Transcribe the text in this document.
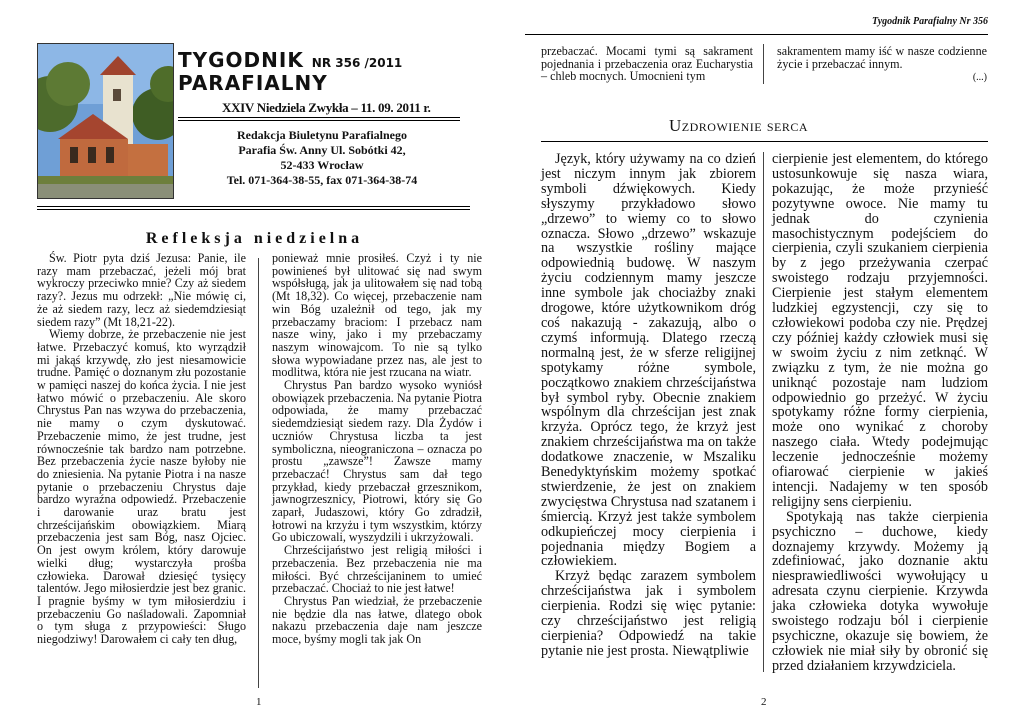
Tygodnik Parafialny Nr 356
TYGODNIK NR 356 /2011
PARAFIALNY
XXIV Niedziela Zwykła – 11. 09. 2011 r.
Redakcja Biuletynu Parafialnego
Parafia Św. Anny Ul. Sobótki 42,
52-433 Wrocław
Tel. 071-364-38-55, fax 071-364-38-74
Refleksja niedzielna

Św. Piotr pyta dziś Jezusa: Panie, ile razy mam przebaczać, jeżeli mój brat wykroczy przeciwko mnie? Czy aż siedem razy?. Jezus mu odrzekł: „Nie mówię ci, że aż siedem razy, lecz aż siedemdziesiąt siedem razy” (Mt 18,21-22).

Wiemy dobrze, że przebaczenie nie jest łatwe. Przebaczyć komuś, kto wyrządził mi jakąś krzywdę, zło jest niesamowicie trudne. Pamięć o doznanym złu pozostanie w pamięci naszej do końca życia. I nie jest łatwo mówić o przebaczeniu. Ale skoro Chrystus Pan nas wzywa do przebaczenia, nie mamy o czym dyskutować. Przebaczenie mimo, że jest trudne, jest równocześnie tak bardzo nam potrzebne. Bez przebaczenia życie nasze byłoby nie do zniesienia. Na pytanie Piotra i na nasze pytanie o przebaczeniu Chrystus daje bardzo wyraźna odpowiedź. Przebaczenie i darowanie uraz bratu jest chrześcijańskim obowiązkiem. Miarą przebaczenia jest sam Bóg, nasz Ojciec. On jest owym królem, który darowuje wielki dług; wystarczyła prośba człowieka. Darował dziesięć tysięcy talentów. Jego miłosierdzie jest bez granic. I pragnie byśmy w tym miłosierdziu i przebaczeniu Go naśladowali. Zapomniał o tym sługa z przypowieści: Sługo niegodziwy! Darowałem ci cały ten dług,

ponieważ mnie prosiłeś. Czyż i ty nie powinieneś był ulitować się nad swym współsługą, jak ja ulitowałem się nad tobą (Mt 18,32). Co więcej, przebaczenie nam win Bóg uzależnił od tego, jak my przebaczamy braciom: I przebacz nam nasze winy, jako i my przebaczamy naszym winowajcom. To nie są tylko słowa wypowiadane przez nas, ale jest to modlitwa, która nie jest rzucana na wiatr.

Chrystus Pan bardzo wysoko wyniósł obowiązek przebaczenia. Na pytanie Piotra odpowiada, że mamy przebaczać siedemdziesiąt siedem razy. Dla Żydów i uczniów Chrystusa liczba ta jest symboliczna, nieograniczona – oznacza po prostu „zawsze”! Zawsze mamy przebaczać! Chrystus sam dał tego przykład, kiedy przebaczał grzesznikom, jawnogrzesznicy, Piotrowi, który się Go zaparł, Judaszowi, który Go zdradził, łotrowi na krzyżu i tym wszystkim, którzy Go ubiczowali, wyszydzili i ukrzyżowali.

Chrześcijaństwo jest religią miłości i przebaczenia. Bez przebaczenia nie ma miłości. Być chrześcijaninem to umieć przebaczać. Chociaż to nie jest łatwe!

Chrystus Pan wiedział, że przebaczenie nie będzie dla nas łatwe, dlatego obok nakazu przebaczenia daje nam jeszcze moce, byśmy mogli tak jak On

1
przebaczać. Mocami tymi są sakrament pojednania i przebaczenia oraz Eucharystia – chleb mocnych. Umocnieni tym
sakramentem mamy iść w nasze codzienne życie i przebaczać innym.
(...)
Uzdrowienie serca

Język, który używamy na co dzień jest niczym innym jak zbiorem symboli dźwiękowych. Kiedy słyszymy przykładowo słowo „drzewo” to wiemy co to słowo oznacza. Słowo „drzewo” wskazuje na wszystkie rośliny mające odpowiednią budowę. W naszym życiu codziennym mamy jeszcze inne symbole jak chociażby znaki drogowe, które użytkownikom dróg coś nakazują - zakazują, albo o czymś informują. Dlatego rzeczą normalną jest, że w sferze religijnej spotykamy różne symbole, początkowo znakiem chrześcijaństwa był symbol ryby. Obecnie znakiem wspólnym dla chrześcijan jest znak krzyża. Oprócz tego, że krzyż jest znakiem chrześcijaństwa ma on także dodatkowe znaczenie, w Mszaliku Benedyktyńskim możemy spotkać stwierdzenie, że jest on znakiem zwycięstwa Chrystusa nad szatanem i śmiercią. Krzyż jest także symbolem odkupieńczej mocy cierpienia i pojednania między Bogiem a człowiekiem.

Krzyż będąc zarazem symbolem chrześcijaństwa jak i symbolem cierpienia. Rodzi się więc pytanie: czy chrześcijaństwo jest religią cierpienia? Odpowiedź na takie pytanie nie jest prosta. Niewątpliwie

cierpienie jest elementem, do którego ustosunkowuje się nasza wiara, pokazując, że może przynieść pozytywne owoce. Nie mamy tu jednak do czynienia masochistycznym podejściem do cierpienia, czyli szukaniem cierpienia by z jego przeżywania czerpać swoistego rodzaju przyjemności. Cierpienie jest stałym elementem ludzkiej egzystencji, czy się to człowiekowi podoba czy nie. Prędzej czy później każdy człowiek musi się w swoim życiu z nim zetknąć. W związku z tym, że nie można go uniknąć pozostaje nam ludziom odpowiednio go przeżyć. W życiu spotykamy różne formy cierpienia, może ono wynikać z choroby naszego ciała. Wtedy podejmując leczenie jednocześnie możemy ofiarować cierpienie w jakieś intencji. Nadajemy w ten sposób religijny sens cierpieniu.

Spotykają nas także cierpienia psychiczno – duchowe, kiedy doznajemy krzywdy. Możemy ją zdefiniować, jako doznanie aktu niesprawiedliwości wywołujący u adresata czynu cierpienie. Krzywda jaka człowieka dotyka wywołuje swoistego rodzaju ból i cierpienie psychiczne, okazuje się bowiem, że człowiek nie miał siły by obronić się przed działaniem krzywdziciela.

2
